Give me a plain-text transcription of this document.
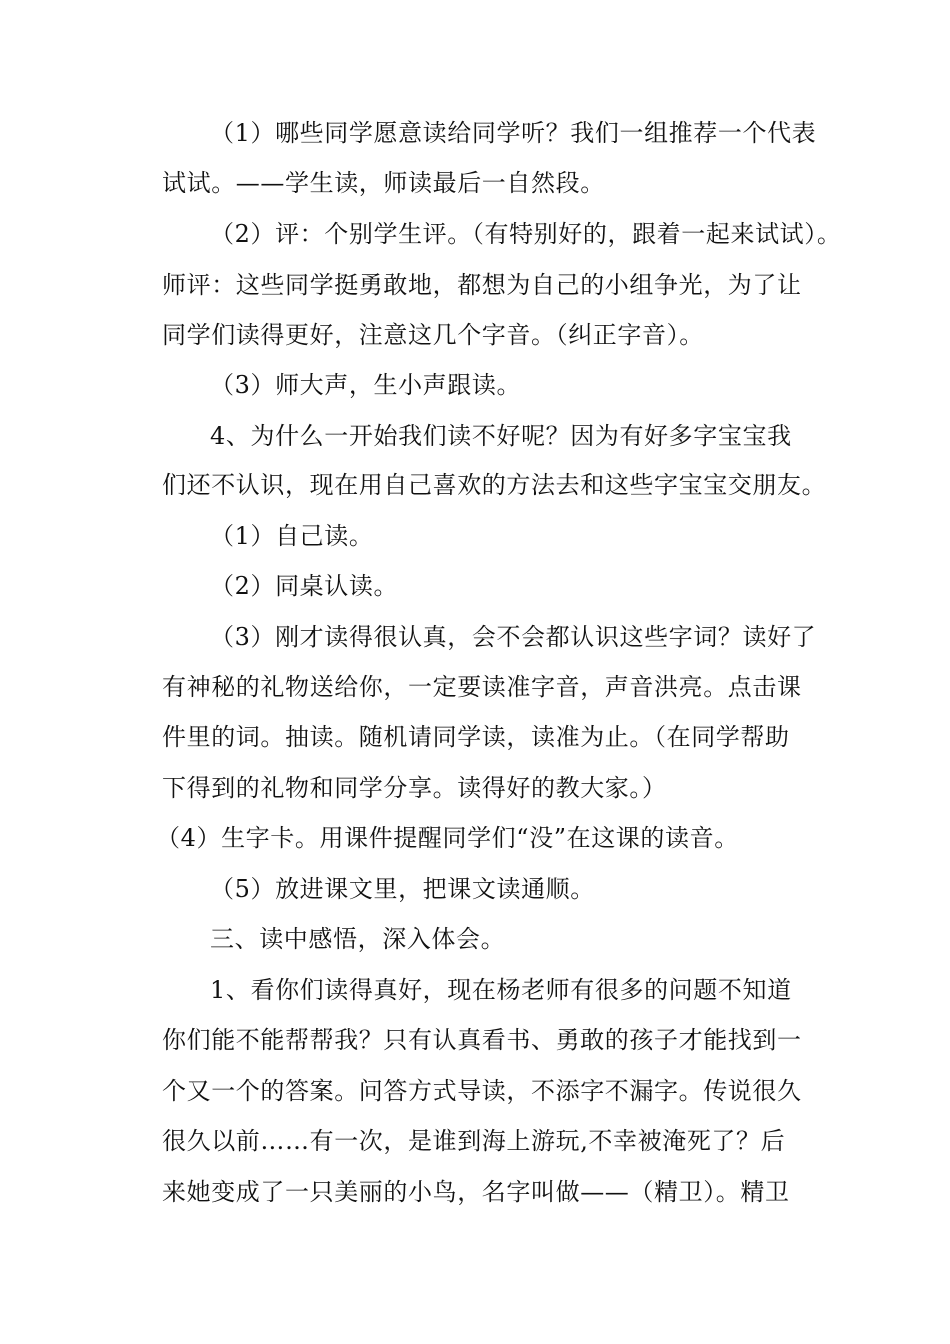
（1）哪些同学愿意读给同学听？我们一组推荐一个代表
试试。——学生读，师读最后一自然段。
（2）评：个别学生评。（有特别好的，跟着一起来试试）。
师评：这些同学挺勇敢地，都想为自己的小组争光，为了让
同学们读得更好，注意这几个字音。（纠正字音）。
（3）师大声，生小声跟读。
4、为什么一开始我们读不好呢？因为有好多字宝宝我
们还不认识，现在用自己喜欢的方法去和这些字宝宝交朋友。
（1）自己读。
（2）同桌认读。
（3）刚才读得很认真，会不会都认识这些字词？读好了
有神秘的礼物送给你，一定要读准字音，声音洪亮。点击课
件里的词。抽读。随机请同学读，读准为止。（在同学帮助
下得到的礼物和同学分享。读得好的教大家。）
（4）生字卡。用课件提醒同学们“没”在这课的读音。
（5）放进课文里，把课文读通顺。
三、读中感悟，深入体会。
1、看你们读得真好，现在杨老师有很多的问题不知道
你们能不能帮帮我？只有认真看书、勇敢的孩子才能找到一
个又一个的答案。问答方式导读，不添字不漏字。传说很久
很久以前……有一次，是谁到海上游玩,不幸被淹死了？后
来她变成了一只美丽的小鸟，名字叫做——（精卫）。精卫
